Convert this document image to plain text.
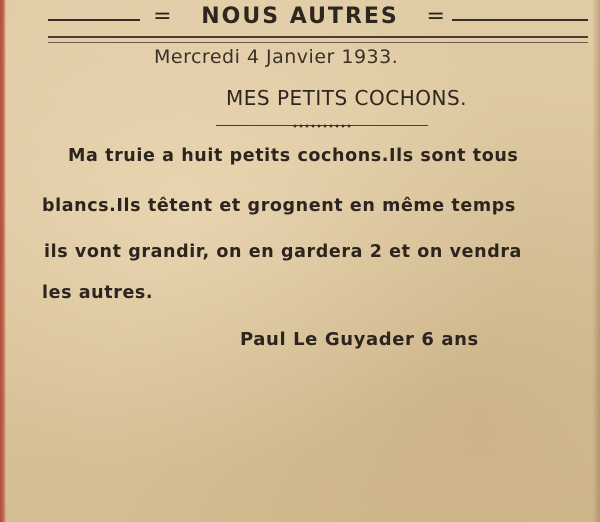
= NOUS AUTRES =
Mercredi 4 Janvier 1933.
MES PETITS COCHONS.
Ma truie a huit petits cochons.Ils sont tous
blancs.Ils têtent et grognent en même temps
ils vont grandir, on en gardera 2 et on vendra
les autres.
Paul Le Guyader 6 ans
